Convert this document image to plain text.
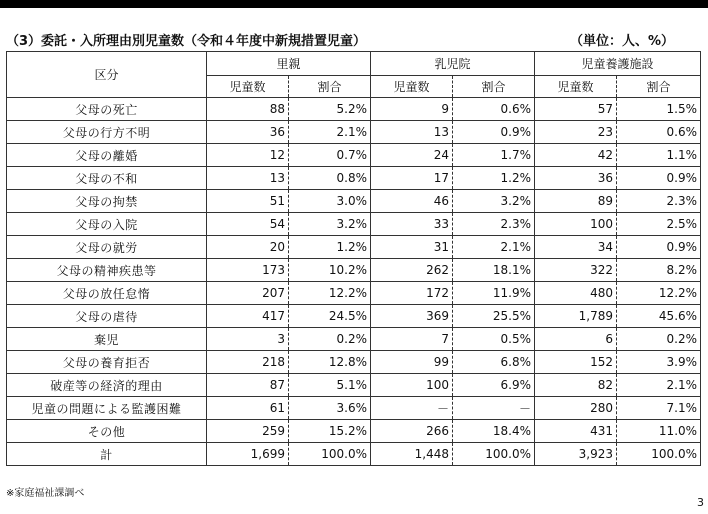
（3）委託・入所理由別児童数（令和４年度中新規措置児童）	（単位：人、%）
区分	里親		乳児院		児童養護施設	
	児童数	割合	児童数	割合	児童数	割合
父母の死亡	88	5.2%	9	0.6%	57	1.5%
父母の行方不明	36	2.1%	13	0.9%	23	0.6%
父母の離婚	12	0.7%	24	1.7%	42	1.1%
父母の不和	13	0.8%	17	1.2%	36	0.9%
父母の拘禁	51	3.0%	46	3.2%	89	2.3%
父母の入院	54	3.2%	33	2.3%	100	2.5%
父母の就労	20	1.2%	31	2.1%	34	0.9%
父母の精神疾患等	173	10.2%	262	18.1%	322	8.2%
父母の放任怠惰	207	12.2%	172	11.9%	480	12.2%
父母の虐待	417	24.5%	369	25.5%	1,789	45.6%
棄児	3	0.2%	7	0.5%	6	0.2%
父母の養育拒否	218	12.8%	99	6.8%	152	3.9%
破産等の経済的理由	87	5.1%	100	6.9%	82	2.1%
児童の問題による監護困難	61	3.6%	－	－	280	7.1%
その他	259	15.2%	266	18.4%	431	11.0%
計	1,699	100.0%	1,448	100.0%	3,923	100.0%
※家庭福祉課調べ
3
